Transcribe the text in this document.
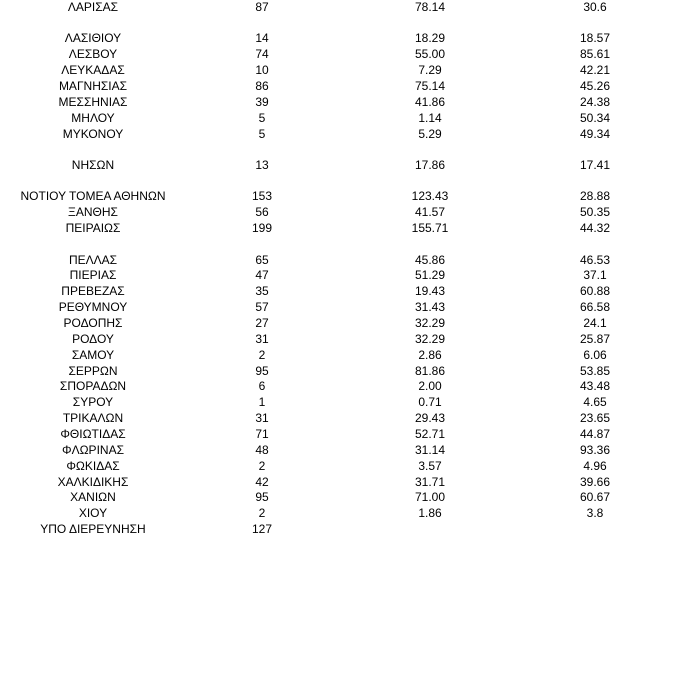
ΛΑΡΙΣΑΣ	87	78.14	30.6
ΛΑΣΙΘΙΟΥ	14	18.29	18.57
ΛΕΣΒΟΥ	74	55.00	85.61
ΛΕΥΚΑΔΑΣ	10	7.29	42.21
ΜΑΓΝΗΣΙΑΣ	86	75.14	45.26
ΜΕΣΣΗΝΙΑΣ	39	41.86	24.38
ΜΗΛΟΥ	5	1.14	50.34
ΜΥΚΟΝΟΥ	5	5.29	49.34
ΝΗΣΩΝ	13	17.86	17.41
ΝΟΤΙΟΥ ΤΟΜΕΑ ΑΘΗΝΩΝ	153	123.43	28.88
ΞΑΝΘΗΣ	56	41.57	50.35
ΠΕΙΡΑΙΩΣ	199	155.71	44.32
ΠΕΛΛΑΣ	65	45.86	46.53
ΠΙΕΡΙΑΣ	47	51.29	37.1
ΠΡΕΒΕΖΑΣ	35	19.43	60.88
ΡΕΘΥΜΝΟΥ	57	31.43	66.58
ΡΟΔΟΠΗΣ	27	32.29	24.1
ΡΟΔΟΥ	31	32.29	25.87
ΣΑΜΟΥ	2	2.86	6.06
ΣΕΡΡΩΝ	95	81.86	53.85
ΣΠΟΡΑΔΩΝ	6	2.00	43.48
ΣΥΡΟΥ	1	0.71	4.65
ΤΡΙΚΑΛΩΝ	31	29.43	23.65
ΦΘΙΩΤΙΔΑΣ	71	52.71	44.87
ΦΛΩΡΙΝΑΣ	48	31.14	93.36
ΦΩΚΙΔΑΣ	2	3.57	4.96
ΧΑΛΚΙΔΙΚΗΣ	42	31.71	39.66
ΧΑΝΙΩΝ	95	71.00	60.67
ΧΙΟΥ	2	1.86	3.8
ΥΠΟ ΔΙΕΡΕΥΝΗΣΗ	127
